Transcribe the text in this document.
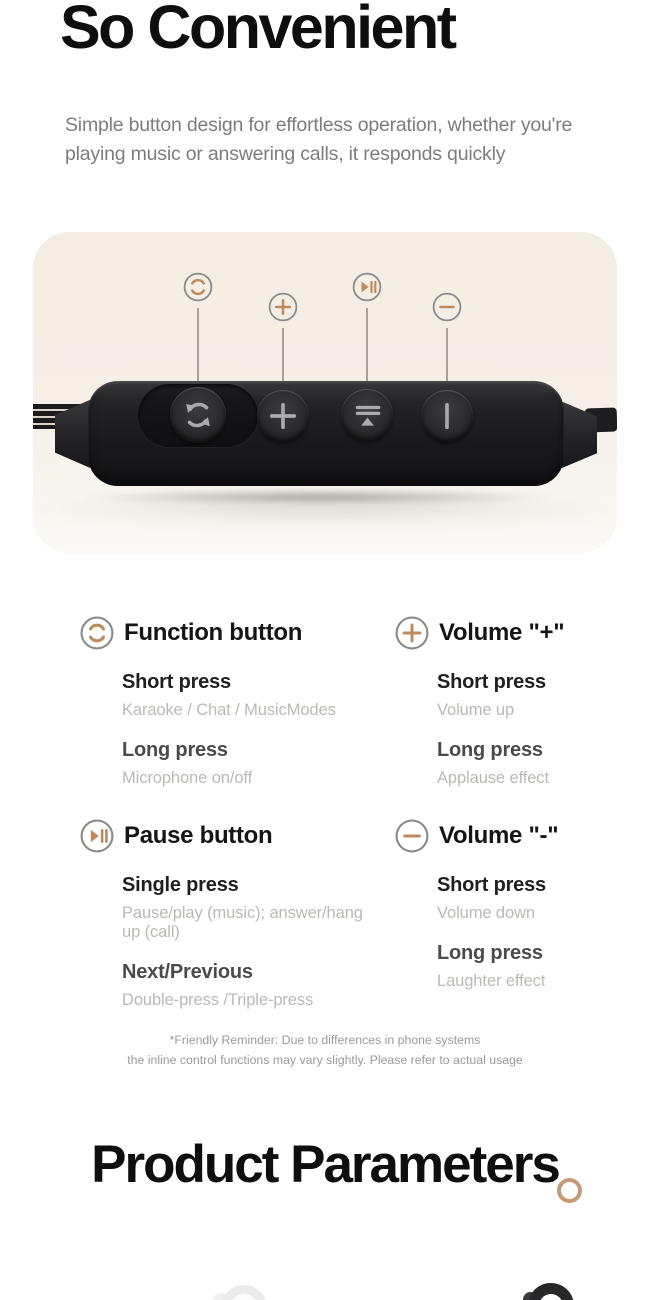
So Convenient
Simple button design for effortless operation, whether you're playing music or answering calls, it responds quickly
Function button
Short press
Karaoke / Chat / MusicModes
Long press
Microphone on/off
Volume "+"
Short press
Volume up
Long press
Applause effect
Pause button
Single press
Pause/play (music); answer/hang up (call)
Next/Previous
Double-press /Triple-press
Volume "-"
Short press
Volume down
Long press
Laughter effect
*Friendly Reminder: Due to differences in phone systems
the inline control functions may vary slightly. Please refer to actual usage
Product Parameters
